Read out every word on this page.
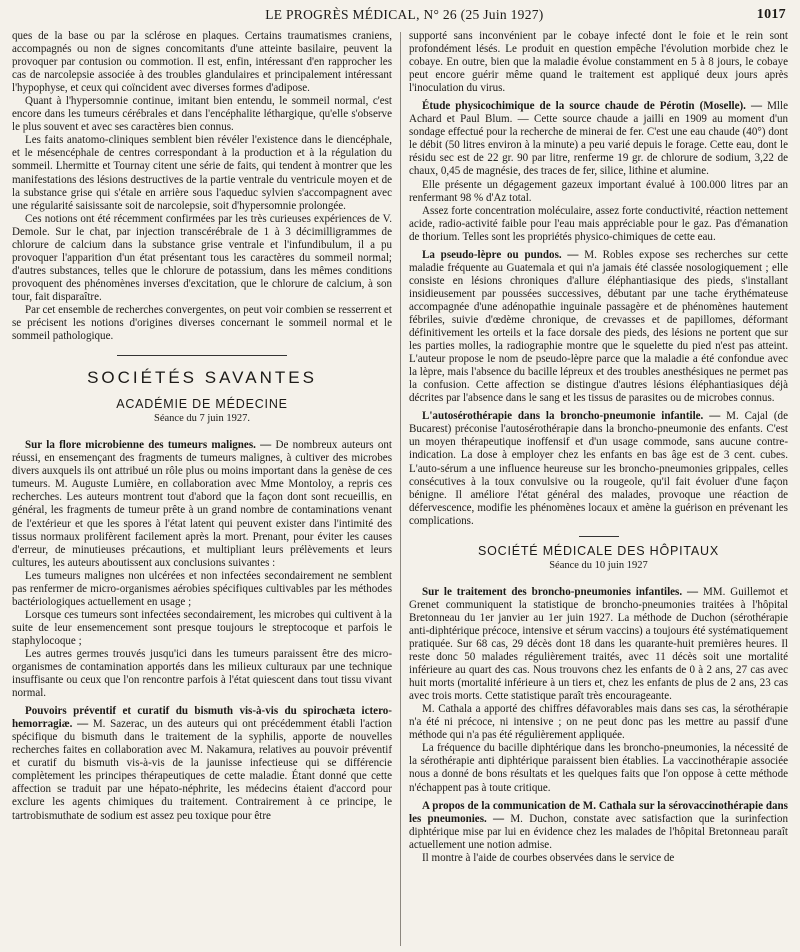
LE PROGRÈS MÉDICAL, N° 26 (25 Juin 1927)	1017

ques de la base ou par la sclérose en plaques. Certains traumatismes craniens, accompagnés ou non de signes concomitants d'une atteinte basilaire, peuvent la provoquer par contusion ou commotion. Il est, enfin, intéressant d'en rapprocher les cas de narcolepsie associée à des troubles glandulaires et principalement intéressant l'hypophyse, et ceux qui coïncident avec diverses formes d'adipose.

Quant à l'hypersomnie continue, imitant bien entendu, le sommeil normal, c'est encore dans les tumeurs cérébrales et dans l'encéphalite léthargique, qu'elle s'observe le plus souvent et avec ses caractères bien connus.

Les faits anatomo-cliniques semblent bien révéler l'existence dans le diencéphale, et le mésencéphale de centres correspondant à la production et à la régulation du sommeil. Lhermitte et Tournay citent une série de faits, qui tendent à montrer que les manifestations des lésions destructives de la partie ventrale du ventricule moyen et de la substance grise qui s'étale en arrière sous l'aqueduc sylvien s'accompagnent avec une régularité saisissante soit de narcolepsie, soit d'hypersomnie prolongée.

Ces notions ont été récemment confirmées par les très curieuses expériences de V. Demole. Sur le chat, par injection transcérébrale de 1 à 3 décimilligrammes de chlorure de calcium dans la substance grise ventrale et l'infundibulum, il a pu provoquer l'apparition d'un état présentant tous les caractères du sommeil normal; d'autres substances, telles que le chlorure de potassium, dans les mêmes conditions provoquent des phénomènes inverses d'excitation, que le chlorure de calcium, à son tour, fait disparaître.

Par cet ensemble de recherches convergentes, on peut voir combien se resserrent et se précisent les notions d'origines diverses concernant le sommeil normal et le sommeil pathologique.

SOCIÉTÉS SAVANTES
ACADÉMIE DE MÉDECINE
Séance du 7 juin 1927.

Sur la flore microbienne des tumeurs malignes. — De nombreux auteurs ont réussi, en ensemençant des fragments de tumeurs malignes, à cultiver des microbes divers auxquels ils ont attribué un rôle plus ou moins important dans la genèse de ces tumeurs. M. Auguste Lumière, en collaboration avec Mme Montoloy, a repris ces recherches. Les auteurs montrent tout d'abord que la façon dont sont recueillis, en général, les fragments de tumeur prête à un grand nombre de contaminations venant de l'extérieur et que les spores à l'état latent qui peuvent exister dans l'intimité des tissus normaux prolifèrent facilement après la mort. Prenant, pour éviter les causes d'erreur, de minutieuses précautions, et multipliant leurs prélèvements et leurs cultures, les auteurs aboutissent aux conclusions suivantes :

Les tumeurs malignes non ulcérées et non infectées secondairement ne semblent pas renfermer de micro-organismes aérobies spécifiques cultivables par les méthodes bactériologiques actuellement en usage ;

Lorsque ces tumeurs sont infectées secondairement, les microbes qui cultivent à la suite de leur ensemencement sont presque toujours le streptocoque et parfois le staphylocoque ;

Les autres germes trouvés jusqu'ici dans les tumeurs paraissent être des micro-organismes de contamination apportés dans les milieux culturaux par une technique insuffisante ou ceux que l'on rencontre parfois à l'état quiescent dans tout tissu vivant normal.

Pouvoirs préventif et curatif du bismuth vis-à-vis du spirochæta ictero-hemorragiæ. — M. Sazerac, un des auteurs qui ont précédemment établi l'action spécifique du bismuth dans le traitement de la syphilis, apporte de nouvelles recherches faites en collaboration avec M. Nakamura, relatives au pouvoir préventif et curatif du bismuth vis-à-vis de la jaunisse infectieuse qui se différencie complètement les principes thérapeutiques de cette maladie. Étant donné que cette affection se traduit par une hépato-néphrite, les médecins étaient d'accord pour exclure les agents chimiques du traitement. Contrairement à ce principe, le tartrobismuthate de sodium est assez peu toxique pour être

supporté sans inconvénient par le cobaye infecté dont le foie et le rein sont profondément lésés. Le produit en question empêche l'évolution morbide chez le cobaye. En outre, bien que la maladie évolue constamment en 5 à 8 jours, le cobaye peut encore guérir même quand le traitement est appliqué deux jours après l'inoculation du virus.

Étude physicochimique de la source chaude de Pérotin (Moselle). — Mlle Achard et Paul Blum. — Cette source chaude a jailli en 1909 au moment d'un sondage effectué pour la recherche de minerai de fer. C'est une eau chaude (40°) dont le débit (50 litres environ à la minute) a peu varié depuis le forage. Cette eau, dont le résidu sec est de 22 gr. 90 par litre, renferme 19 gr. de chlorure de sodium, 3,22 de chaux, 0,45 de magnésie, des traces de fer, silice, lithine et alumine.

Elle présente un dégagement gazeux important évalué à 100.000 litres par an renfermant 98 % d'Az total.

Assez forte concentration moléculaire, assez forte conductivité, réaction nettement acide, radio-activité faible pour l'eau mais appréciable pour le gaz. Pas d'émanation de thorium. Telles sont les propriétés physico-chimiques de cette eau.

La pseudo-lèpre ou pundos. — M. Robles expose ses recherches sur cette maladie fréquente au Guatemala et qui n'a jamais été classée nosologiquement ; elle consiste en lésions chroniques d'allure éléphantiasique des pieds, s'installant insidieusement par poussées successives, débutant par une tache érythémateuse accompagnée d'une adénopathie inguinale passagère et de phénomènes hautement fébriles, suivie d'œdème chronique, de crevasses et de papillomes, déformant définitivement les orteils et la face dorsale des pieds, des lésions ne portent que sur les parties molles, la radiographie montre que le squelette du pied n'est pas atteint. L'auteur propose le nom de pseudo-lèpre parce que la maladie a été confondue avec la lèpre, mais l'absence du bacille lépreux et des troubles anesthésiques ne permet pas la confusion. Cette affection se distingue d'autres lésions éléphantiasiques déjà décrites par l'absence dans le sang et les tissus de parasites ou de microbes connus.

L'autosérothérapie dans la broncho-pneumonie infantile. — M. Cajal (de Bucarest) préconise l'autosérothérapie dans la broncho-pneumonie des enfants. C'est un moyen thérapeutique inoffensif et d'un usage commode, sans aucune contre-indication. La dose à employer chez les enfants en bas âge est de 3 cent. cubes. L'auto-sérum a une influence heureuse sur les broncho-pneumonies grippales, celles consécutives à la toux convulsive ou la rougeole, qu'il fait évoluer d'une façon bénigne. Il améliore l'état général des malades, provoque une réaction de défervescence, modifie les phénomènes locaux et amène la guérison en prévenant les complications.

SOCIÉTÉ MÉDICALE DES HÔPITAUX
Séance du 10 juin 1927

Sur le traitement des broncho-pneumonies infantiles. — MM. Guillemot et Grenet communiquent la statistique de broncho-pneumonies traitées à l'hôpital Bretonneau du 1er janvier au 1er juin 1927. La méthode de Duchon (sérothérapie anti-diphtérique précoce, intensive et sérum vaccins) a toujours été systématiquement pratiquée. Sur 68 cas, 29 décès dont 18 dans les quarante-huit premières heures. Il reste donc 50 malades régulièrement traités, avec 11 décès soit une mortalité inférieure au quart des cas. Nous trouvons chez les enfants de 0 à 2 ans, 27 cas avec huit morts (mortalité inférieure à un tiers et, chez les enfants de plus de 2 ans, 23 cas avec trois morts. Cette statistique paraît très encourageante.

M. Cathala a apporté des chiffres défavorables mais dans ses cas, la sérothérapie n'a été ni précoce, ni intensive ; on ne peut donc pas les mettre au passif d'une méthode qui n'a pas été régulièrement appliquée.

La fréquence du bacille diphtérique dans les broncho-pneumonies, la nécessité de la sérothérapie anti diphtérique paraissent bien établies. La vaccinothérapie associée nous a donné de bons résultats et les quelques faits que l'on oppose à cette méthode n'échappent pas à toute critique.

A propos de la communication de M. Cathala sur la sérovaccinothérapie dans les pneumonies. — M. Duchon, constate avec satisfaction que la surinfection diphtérique mise par lui en évidence chez les malades de l'hôpital Bretonneau paraît actuellement une notion admise.

Il montre à l'aide de courbes observées dans le service de
